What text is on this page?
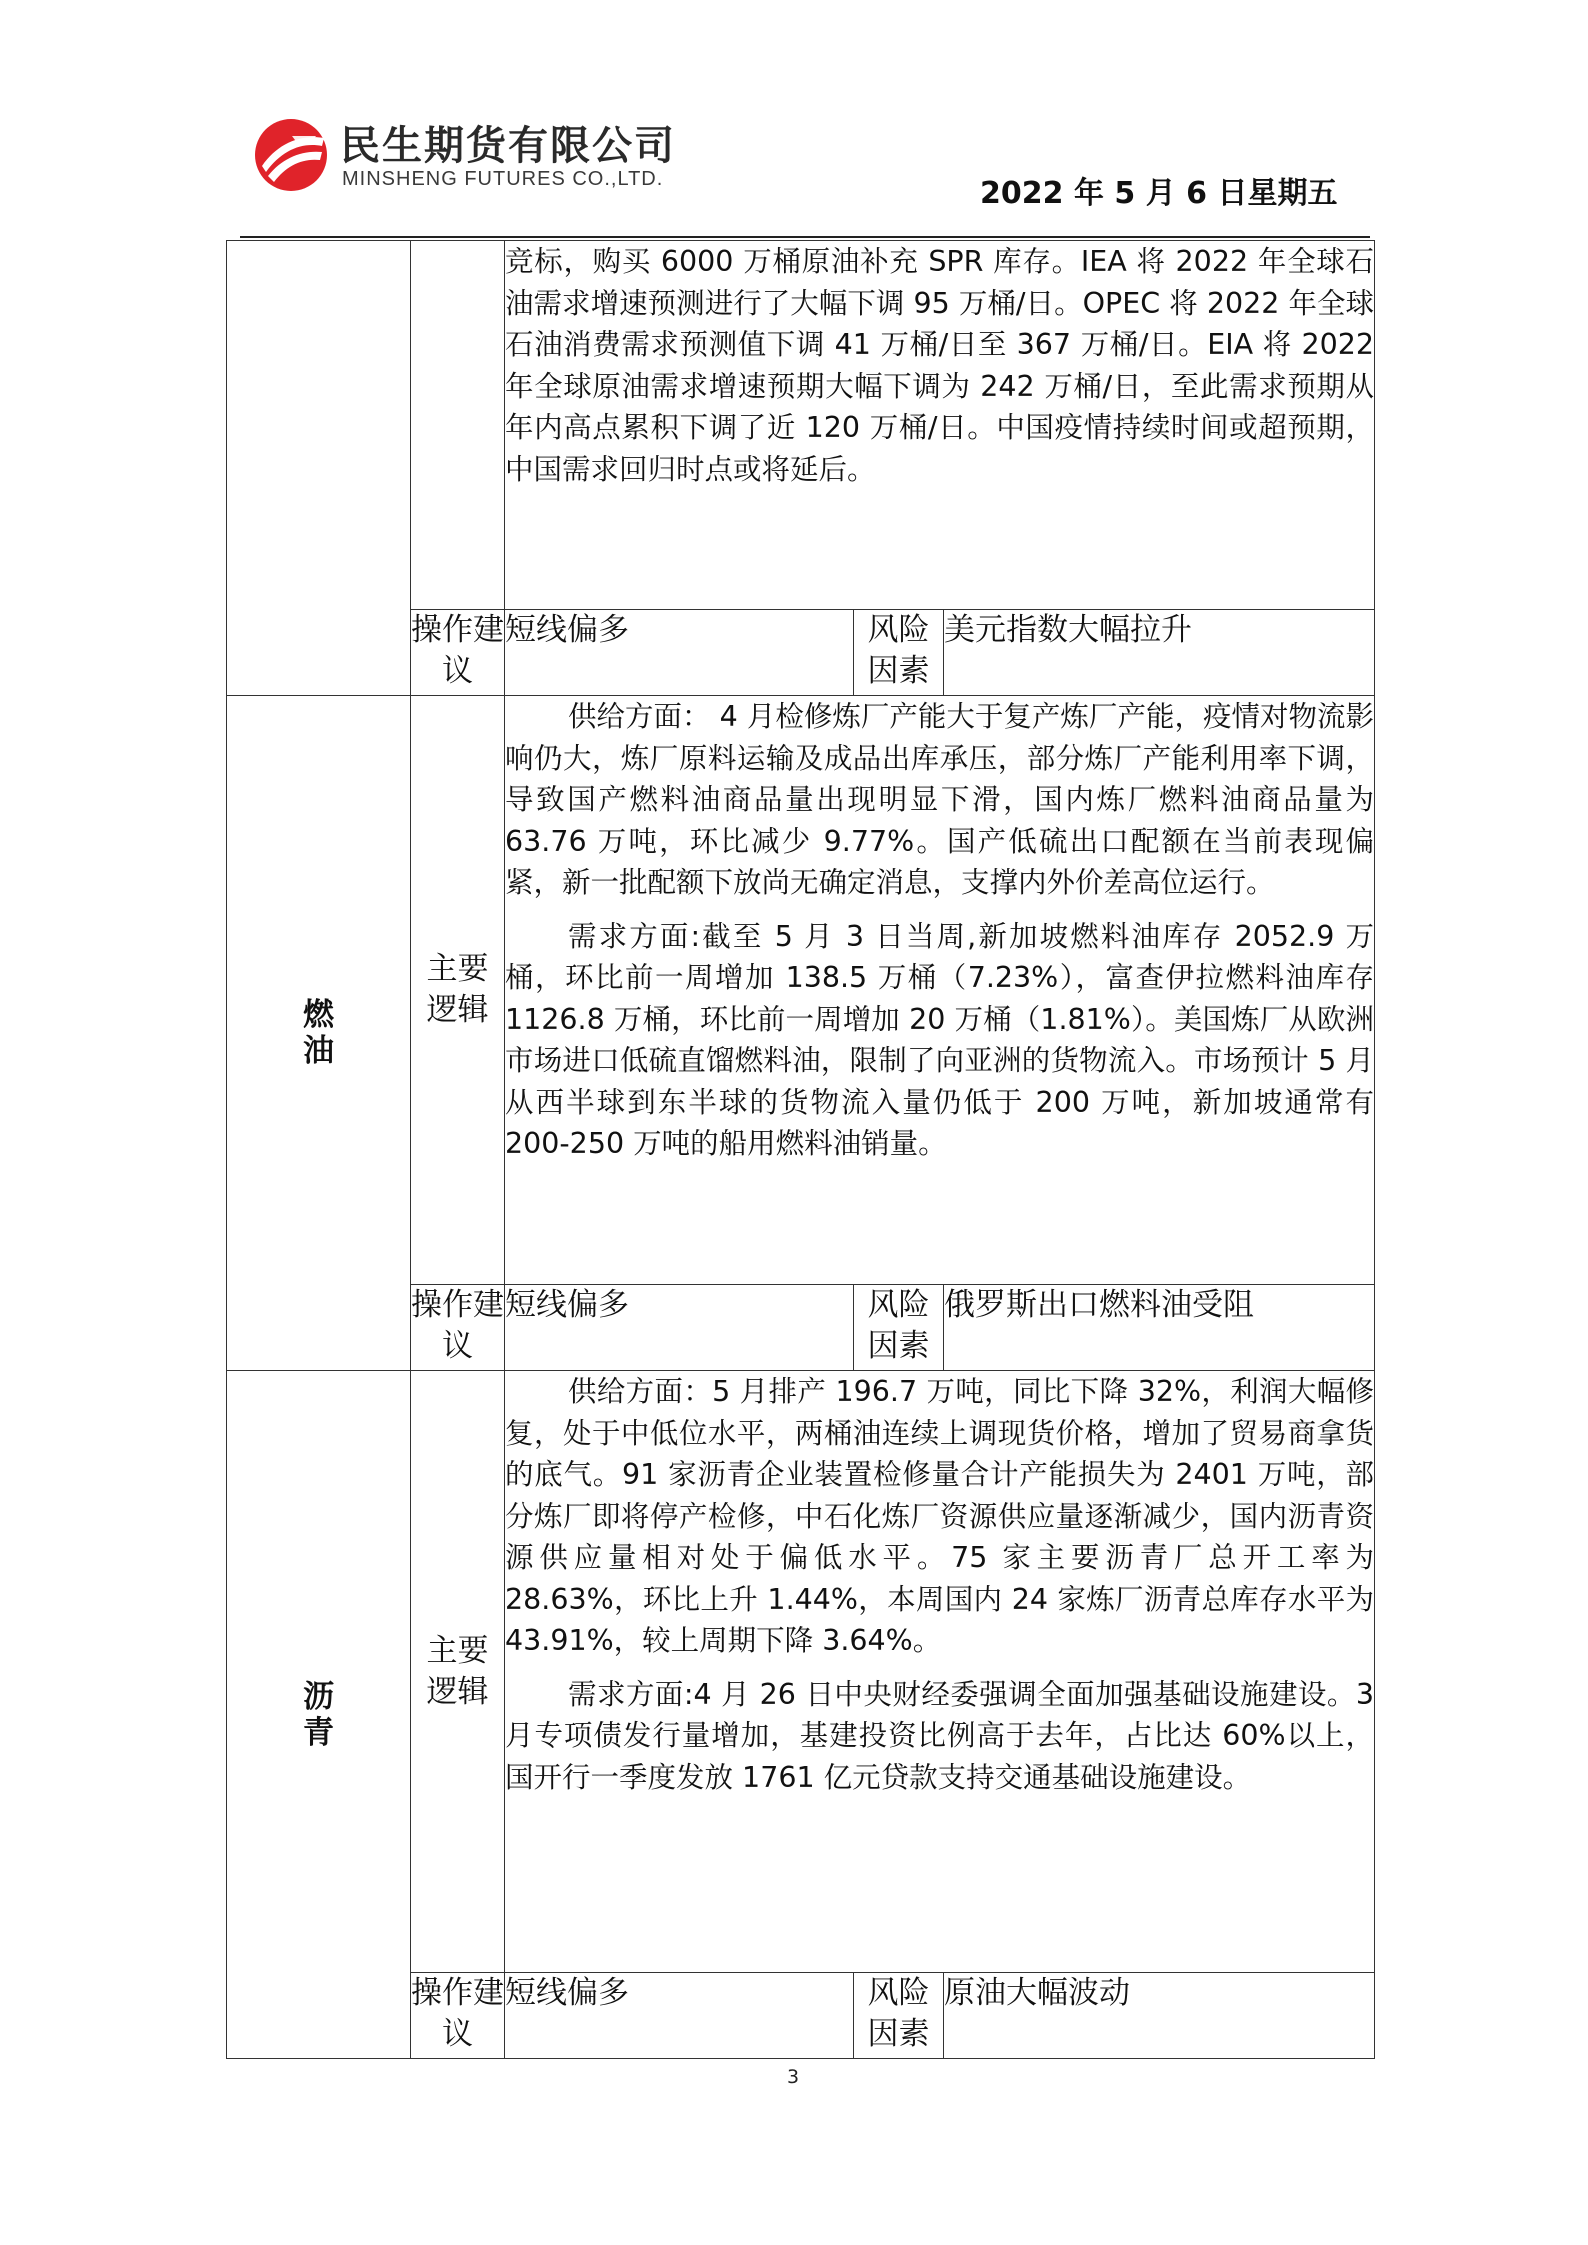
民生期货有限公司
MINSHENG FUTURES CO.,LTD.	2022 年 5 月 6 日星期五

		竞标，购买 6000 万桶原油补充 SPR 库存。IEA 将 2022 年全球石油需求增速预测进行了大幅下调 95 万桶/日。OPEC 将 2022 年全球石油消费需求预测值下调 41 万桶/日至 367 万桶/日。EIA 将 2022 年全球原油需求增速预期大幅下调为 242 万桶/日，至此需求预期从年内高点累积下调了近 120 万桶/日。中国疫情持续时间或超预期，中国需求回归时点或将延后。		

	操作建议	短线偏多	风险因素	美元指数大幅拉升
燃油	主要逻辑	供给方面： 4 月检修炼厂产能大于复产炼厂产能，疫情对物流影响仍大，炼厂原料运输及成品出库承压，部分炼厂产能利用率下调，导致国产燃料油商品量出现明显下滑，国内炼厂燃料油商品量为 63.76 万吨，环比减少 9.77%。国产低硫出口配额在当前表现偏紧，新一批配额下放尚无确定消息，支撑内外价差高位运行。

需求方面:截至 5 月 3 日当周,新加坡燃料油库存 2052.9 万桶，环比前一周增加 138.5 万桶（7.23%），富查伊拉燃料油库存 1126.8 万桶，环比前一周增加 20 万桶（1.81%）。美国炼厂从欧洲市场进口低硫直馏燃料油，限制了向亚洲的货物流入。市场预计 5 月从西半球到东半球的货物流入量仍低于 200 万吨，新加坡通常有 200-250 万吨的船用燃料油销量。		

	操作建议	短线偏多	风险因素	俄罗斯出口燃料油受阻
沥青	主要逻辑	供给方面：5 月排产 196.7 万吨，同比下降 32%，利润大幅修复，处于中低位水平，两桶油连续上调现货价格，增加了贸易商拿货的底气。91 家沥青企业装置检修量合计产能损失为 2401 万吨，部分炼厂即将停产检修，中石化炼厂资源供应量逐渐减少，国内沥青资源供应量相对处于偏低水平。75 家主要沥青厂总开工率为 28.63%，环比上升 1.44%，本周国内 24 家炼厂沥青总库存水平为 43.91%，较上周期下降 3.64%。

需求方面:4 月 26 日中央财经委强调全面加强基础设施建设。3 月专项债发行量增加，基建投资比例高于去年，占比达 60%以上，国开行一季度发放 1761 亿元贷款支持交通基础设施建设。		

	操作建议	短线偏多	风险因素	原油大幅波动
3
